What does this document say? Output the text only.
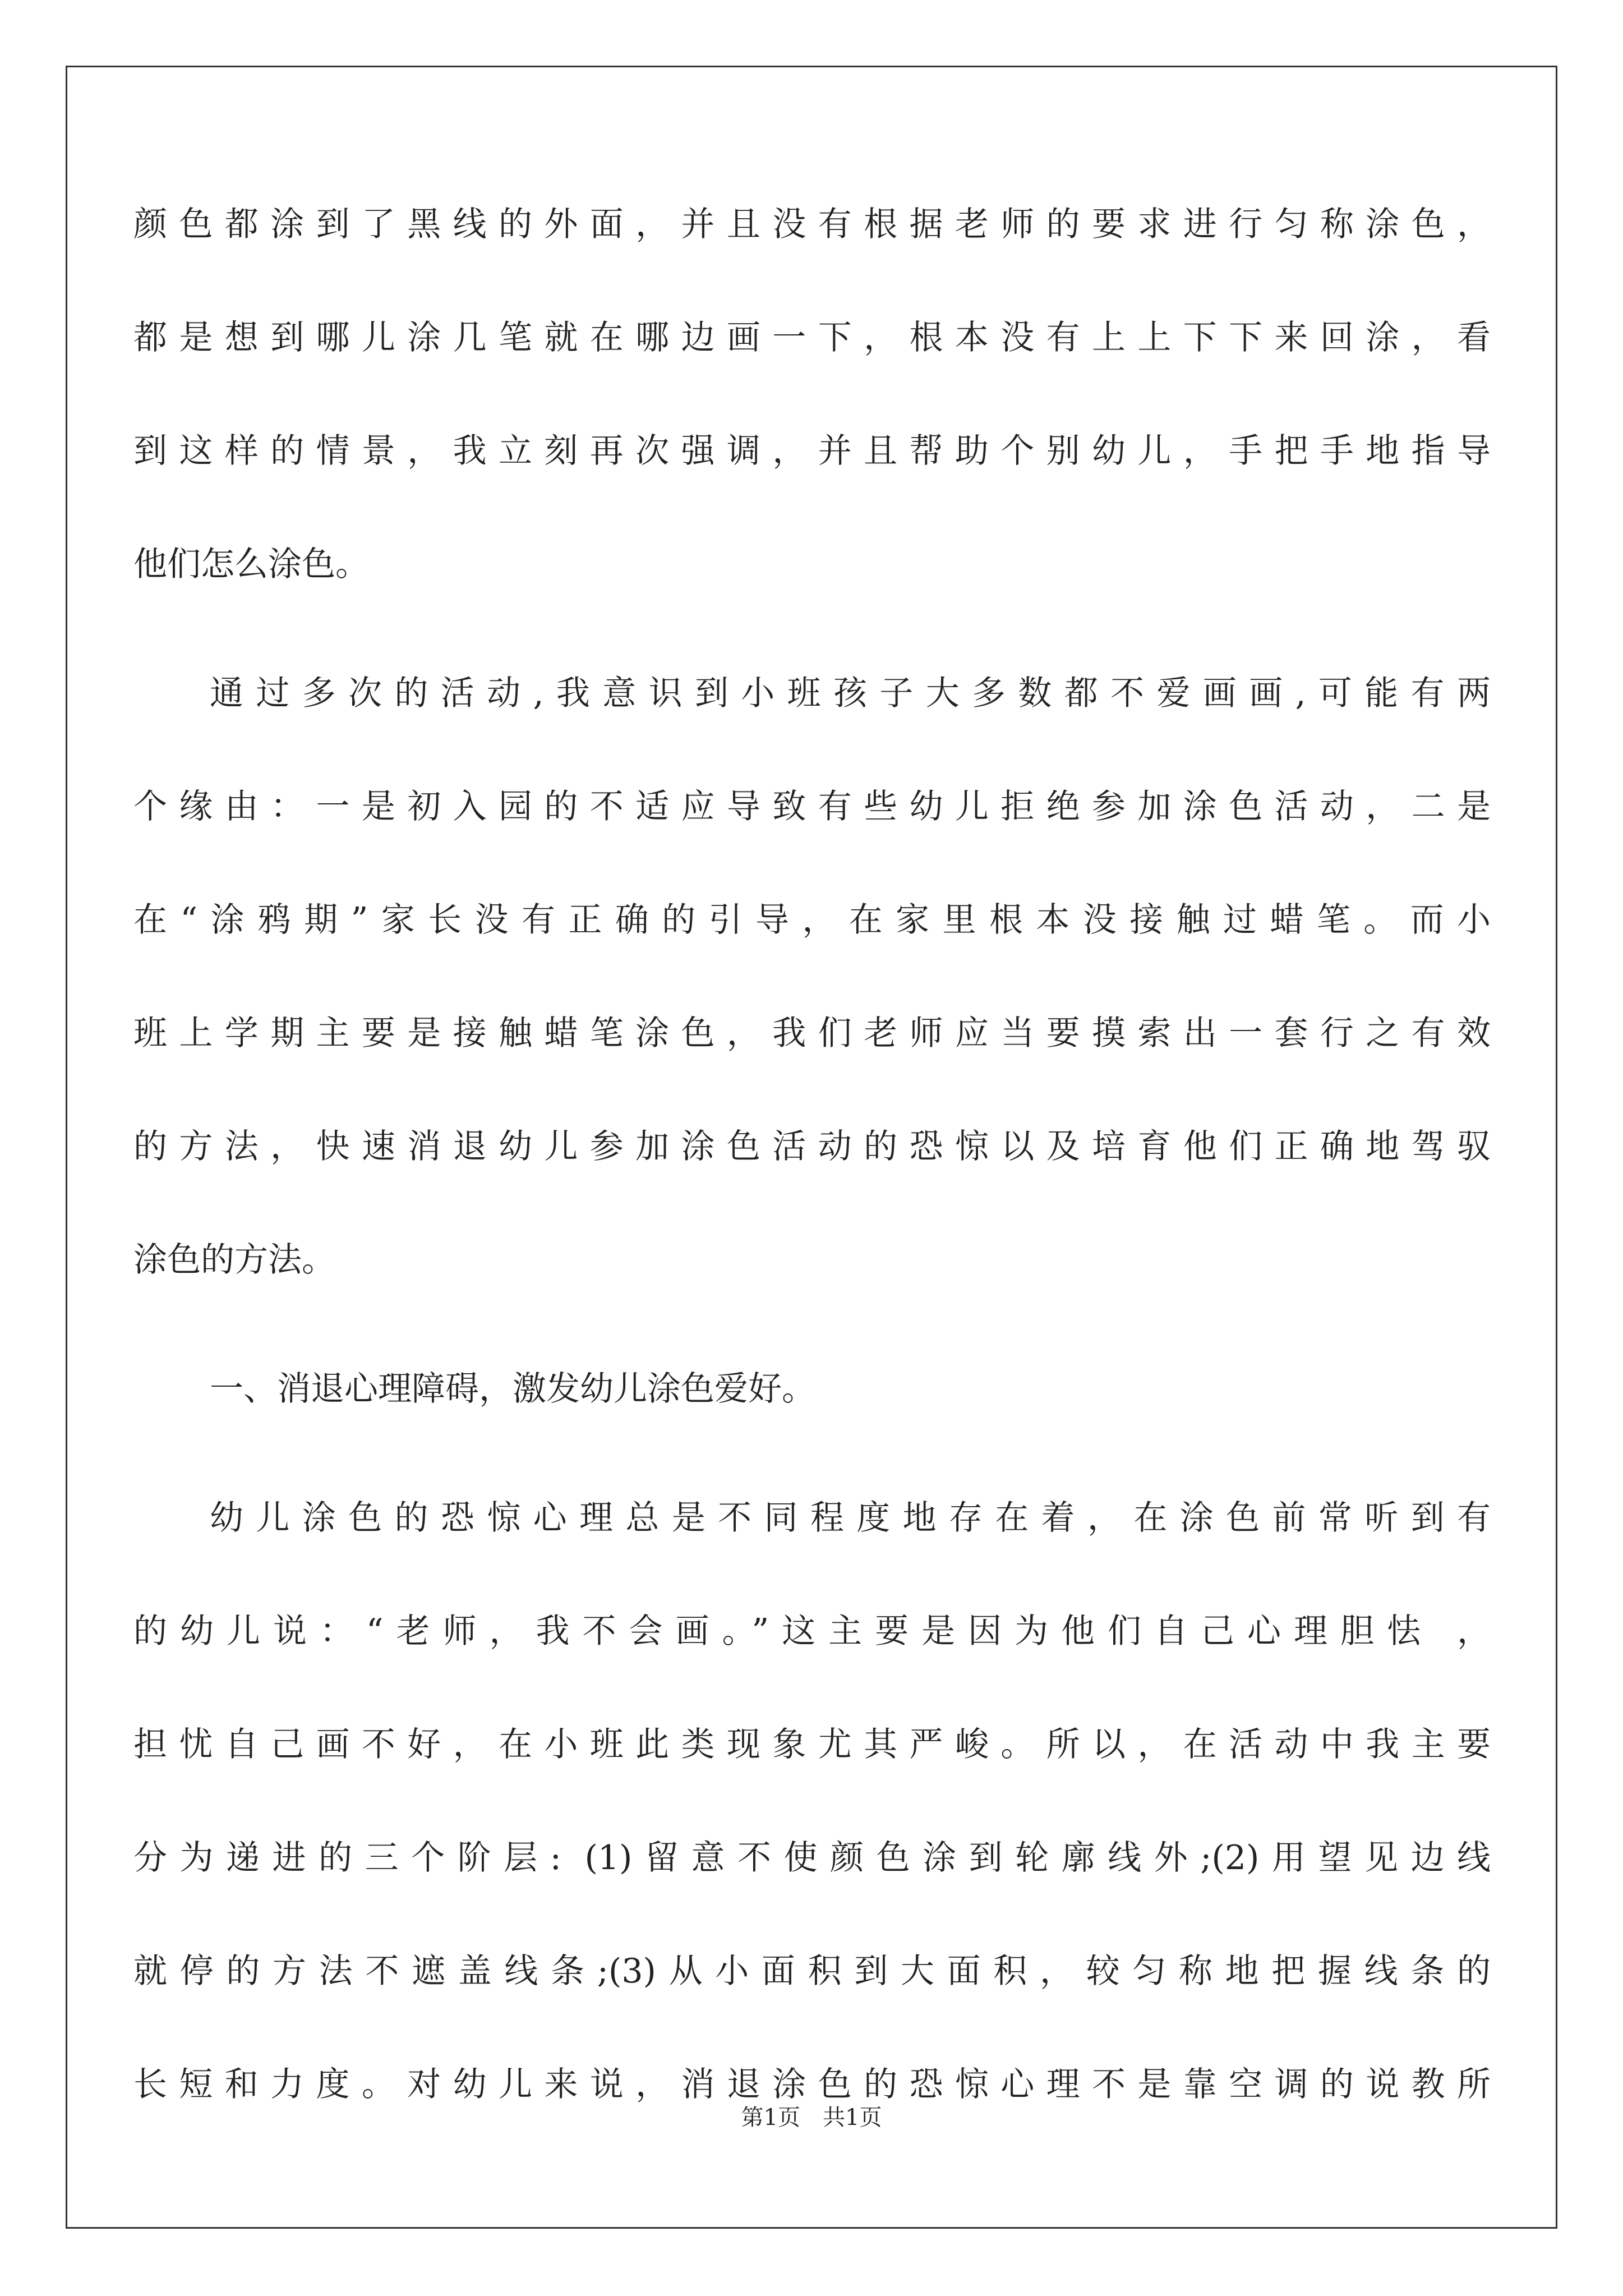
颜色都涂到了黑线的外面，并且没有根据老师的要求进行匀称涂色，
都是想到哪儿涂几笔就在哪边画一下，根本没有上上下下来回涂，看
到这样的情景，我立刻再次强调，并且帮助个别幼儿，手把手地指导
他们怎么涂色。
通过多次的活动,我意识到小班孩子大多数都不爱画画,可能有两
个缘由：一是初入园的不适应导致有些幼儿拒绝参加涂色活动，二是
在“涂鸦期”家长没有正确的引导，在家里根本没接触过蜡笔。而小
班上学期主要是接触蜡笔涂色，我们老师应当要摸索出一套行之有效
的方法，快速消退幼儿参加涂色活动的恐惊以及培育他们正确地驾驭
涂色的方法。
一、消退心理障碍，激发幼儿涂色爱好。
幼儿涂色的恐惊心理总是不同程度地存在着，在涂色前常听到有
的幼儿说：“老师，我不会画。”这主要是因为他们自己心理胆怯 ，
担忧自己画不好，在小班此类现象尤其严峻。所以，在活动中我主要
分为递进的三个阶层: (1)留意不使颜色涂到轮廓线外;(2)用望见边线
就停的方法不遮盖线条;(3)从小面积到大面积，较匀称地把握线条的
长短和力度。对幼儿来说，消退涂色的恐惊心理不是靠空调的说教所
第1页　共1页
